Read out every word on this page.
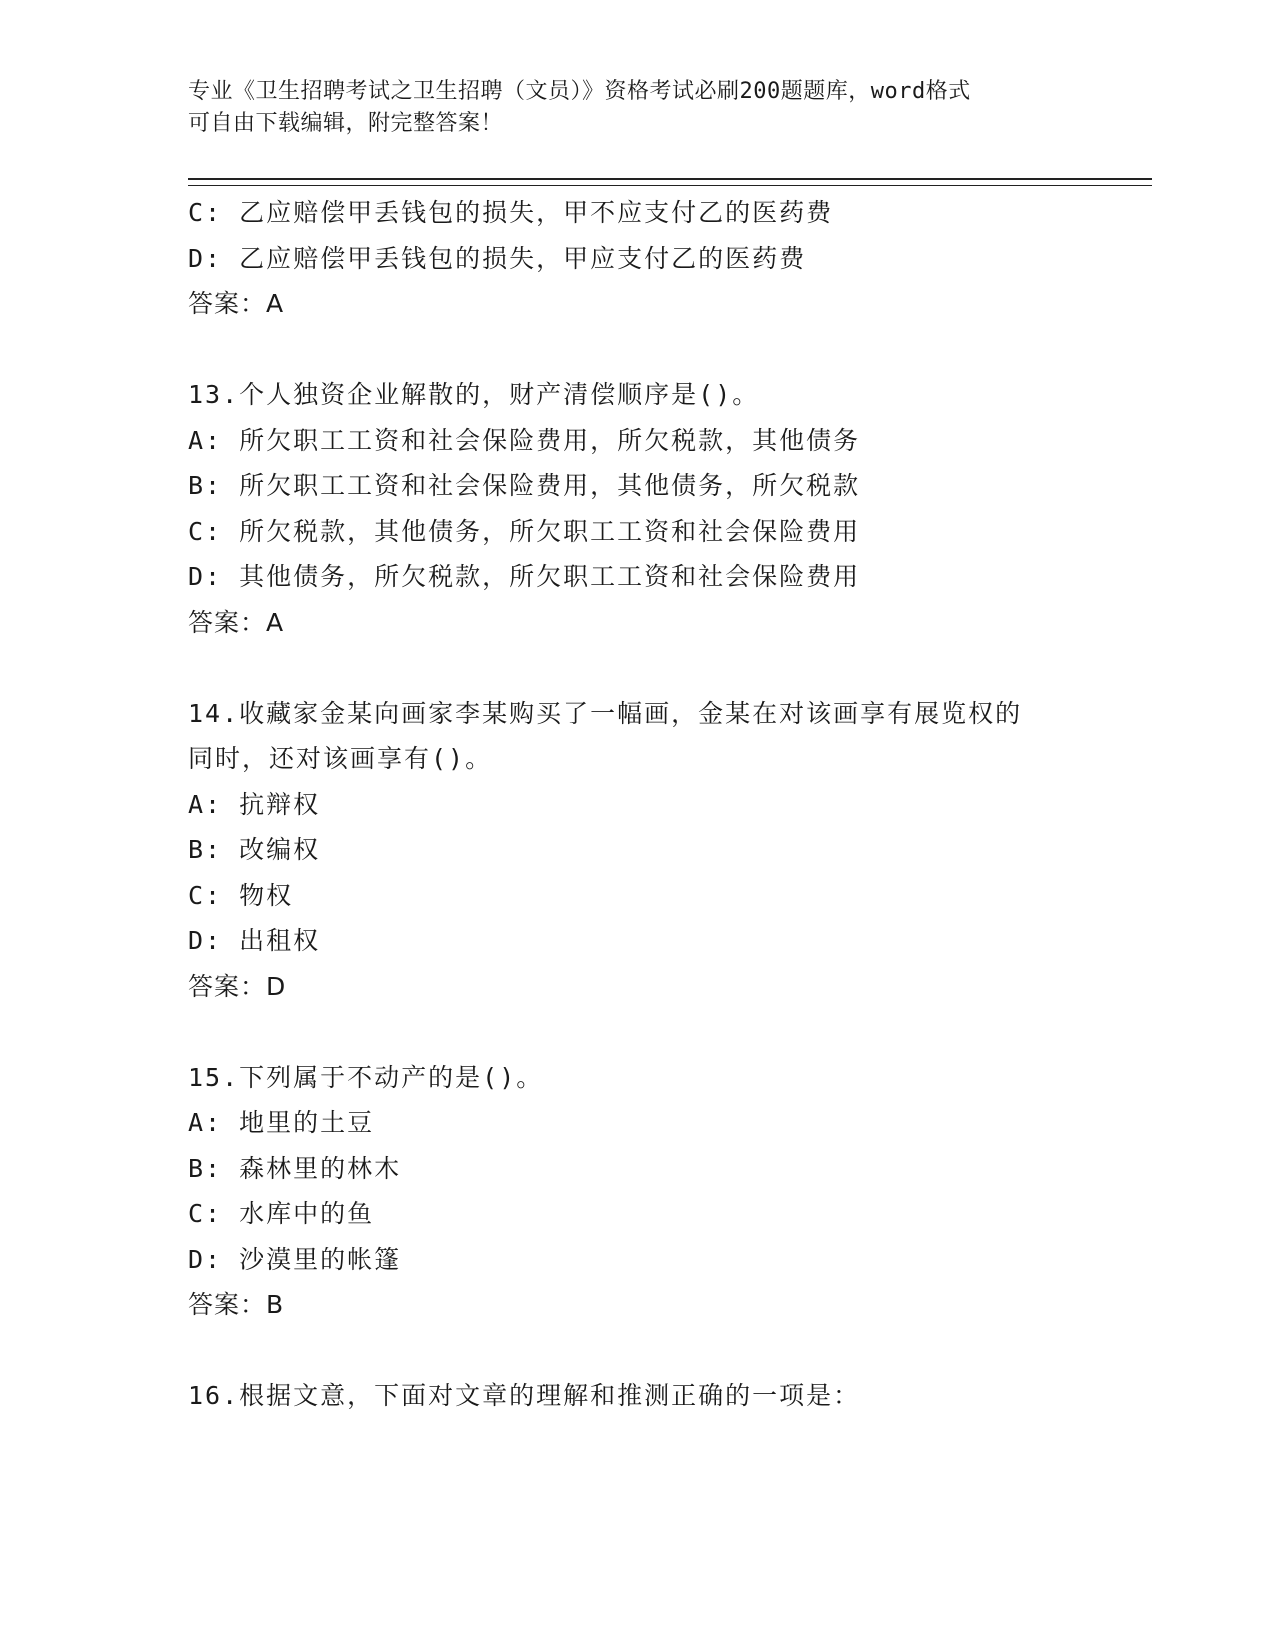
专业《卫生招聘考试之卫生招聘（文员）》资格考试必刷200题题库，word格式
可自由下载编辑，附完整答案！
C: 乙应赔偿甲丢钱包的损失，甲不应支付乙的医药费
D: 乙应赔偿甲丢钱包的损失，甲应支付乙的医药费
答案：A
13.个人独资企业解散的，财产清偿顺序是()。
A: 所欠职工工资和社会保险费用，所欠税款，其他债务
B: 所欠职工工资和社会保险费用，其他债务，所欠税款
C: 所欠税款，其他债务，所欠职工工资和社会保险费用
D: 其他债务，所欠税款，所欠职工工资和社会保险费用
答案：A
14.收藏家金某向画家李某购买了一幅画，金某在对该画享有展览权的
同时，还对该画享有()。
A: 抗辩权
B: 改编权
C: 物权
D: 出租权
答案：D
15.下列属于不动产的是()。
A: 地里的土豆
B: 森林里的林木
C: 水库中的鱼
D: 沙漠里的帐篷
答案：B
16.根据文意，下面对文章的理解和推测正确的一项是：
